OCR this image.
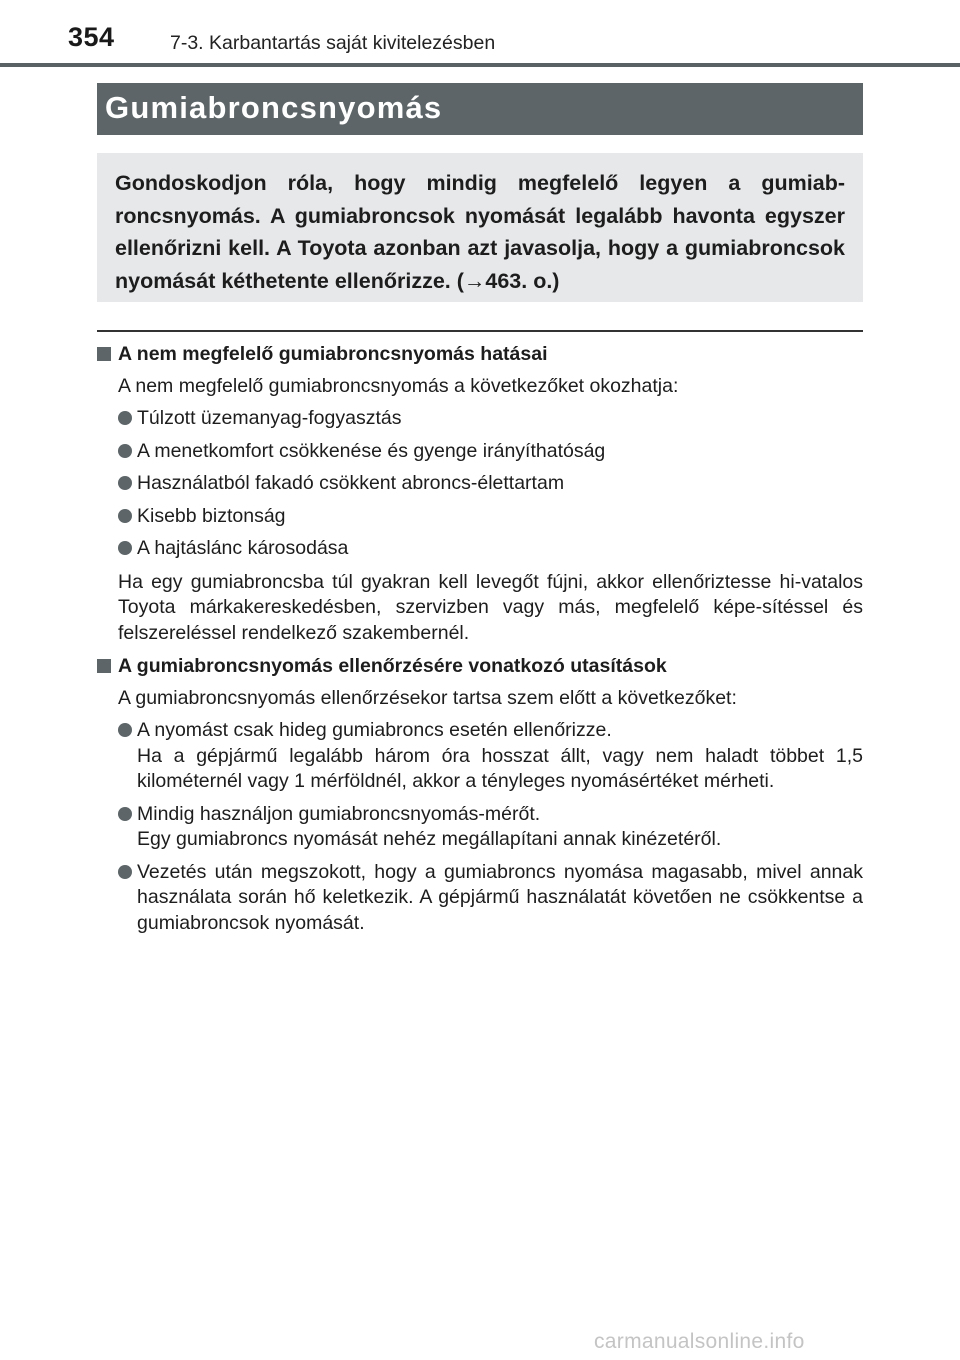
354	7-3. Karbantartás saját kivitelezésben
Gumiabroncsnyomás
Gondoskodjon róla, hogy mindig megfelelő legyen a gumiab-roncsnyomás. A gumiabroncsok nyomását legalább havonta egyszer ellenőrizni kell. A Toyota azonban azt javasolja, hogy a gumiabroncsok nyomását kéthetente ellenőrizze. (→463. o.)
A nem megfelelő gumiabroncsnyomás hatásai
A nem megfelelő gumiabroncsnyomás a következőket okozhatja:
Túlzott üzemanyag-fogyasztás
A menetkomfort csökkenése és gyenge irányíthatóság
Használatból fakadó csökkent abroncs-élettartam
Kisebb biztonság
A hajtáslánc károsodása
Ha egy gumiabroncsba túl gyakran kell levegőt fújni, akkor ellenőriztesse hi-vatalos Toyota márkakereskedésben, szervizben vagy más, megfelelő képe-sítéssel és felszereléssel rendelkező szakembernél.
A gumiabroncsnyomás ellenőrzésére vonatkozó utasítások
A gumiabroncsnyomás ellenőrzésekor tartsa szem előtt a következőket:
A nyomást csak hideg gumiabroncs esetén ellenőrizze.
Ha a gépjármű legalább három óra hosszat állt, vagy nem haladt többet 1,5 kilométernél vagy 1 mérföldnél, akkor a tényleges nyomásértéket mérheti.
Mindig használjon gumiabroncsnyomás-mérőt.
Egy gumiabroncs nyomását nehéz megállapítani annak kinézetéről.
Vezetés után megszokott, hogy a gumiabroncs nyomása magasabb, mivel annak használata során hő keletkezik. A gépjármű használatát követően ne csökkentse a gumiabroncsok nyomását.
carmanualsonline.info
